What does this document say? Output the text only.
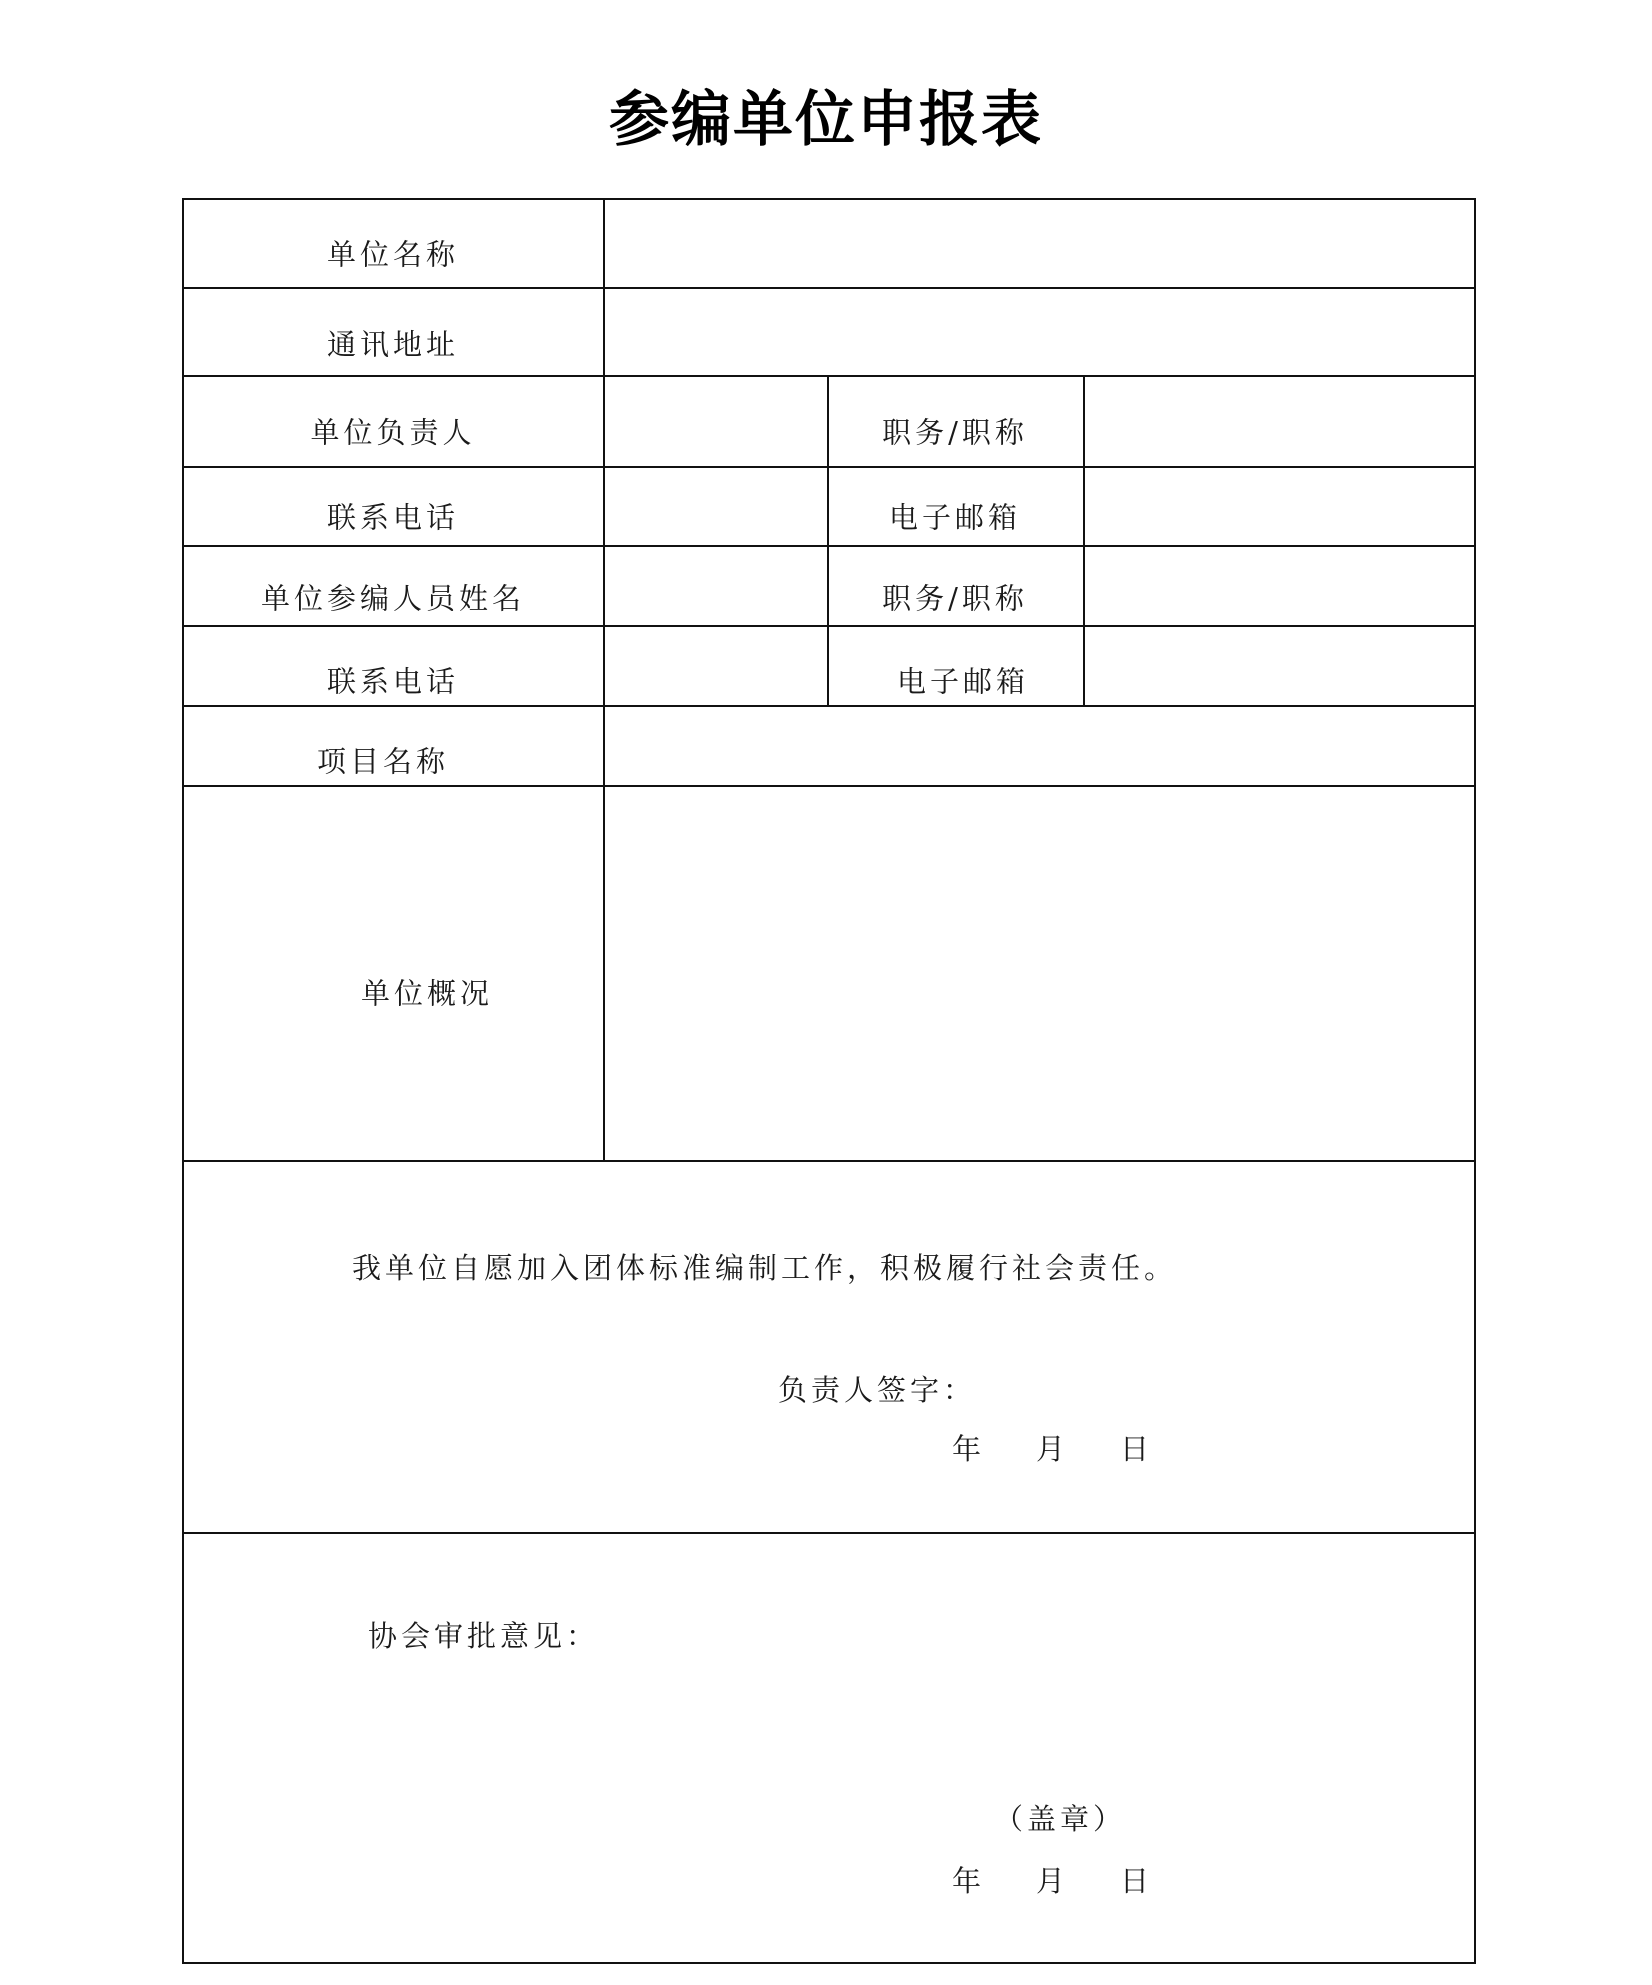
参编单位申报表
单位名称
通讯地址
单位负责人	职务/职称
联系电话	电子邮箱
单位参编人员姓名	职务/职称
联系电话	电子邮箱
项目名称
单位概况
我单位自愿加入团体标准编制工作，积极履行社会责任。
负责人签字：
年 月 日
协会审批意见：
（盖章）
年 月 日
